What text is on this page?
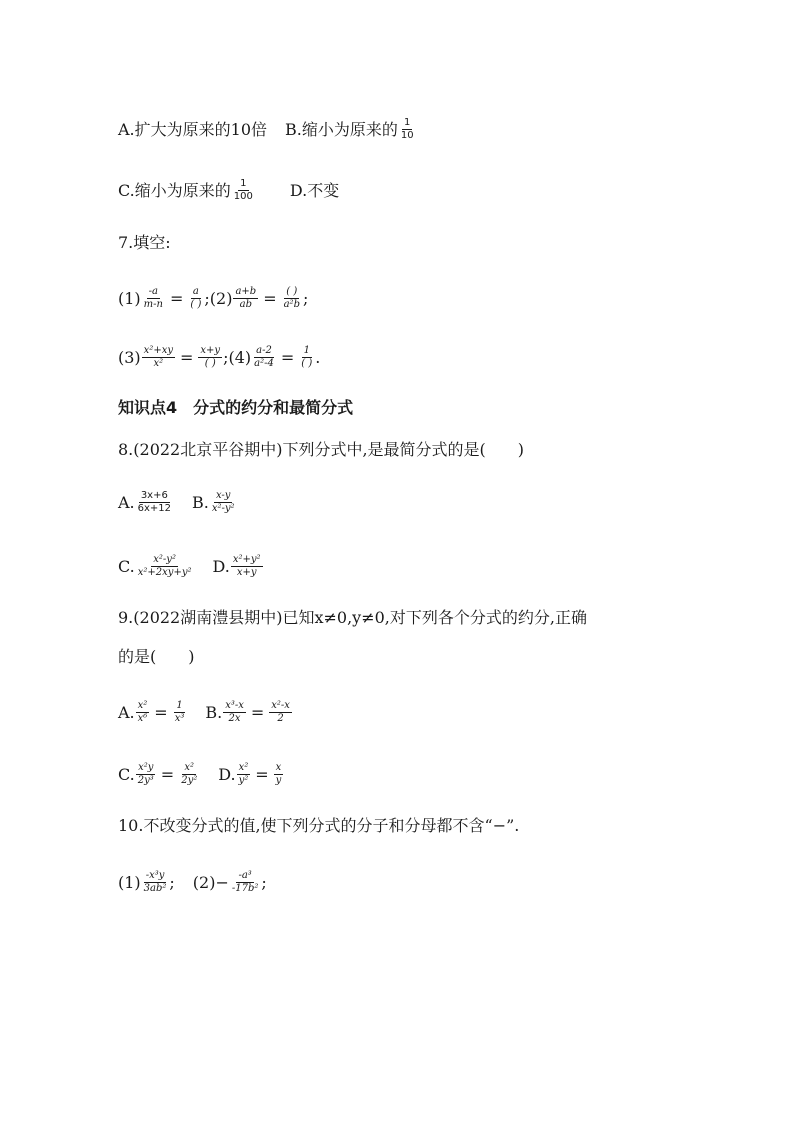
A.扩大为原来的10倍 B.缩小为原来的 $\frac{1}{10}$
C.缩小为原来的 $\frac{1}{100} D$.不变
7.填空:
$(1) \frac{-a}{m-n} = \frac{a}{( )}$ ; $(2) \frac{a+b}{ab} = \frac{( )}{\text{a²b}}$ ;
$(3) \frac{\text{x²+xy}}{\text{x²}} = \frac{x+y}{( )}$ ; $(4) \frac{a-2}{\text{a²-4}} = \frac{1}{( )}$ .
知识点4　分式的约分和最简分式
8.(2022北京平谷期中)下列分式中,是最简分式的是(　　)
A. $\frac{3x+6}{6x+12} B$. $\frac{x-y}{\text{x²-y²}}$
C. $\frac{\text{x²-y²}}{\text{x²+2xy+y²}} D$. $\frac{\text{x²+y²}}{x+y}$
9.(2022湖南澧县期中)已知x≠0,y≠0,对下列各个分式的约分,正确
的是(　　)
A. $\frac{\text{x²}}{\text{x⁶}} = \frac{1}{\text{x³}} B$. $\frac{\text{x³-x}}{2x} = \frac{\text{x²-x}}{2}$
C. $\frac{\text{x²y}}{\text{2y³}} = \frac{\text{x²}}{\text{2y²}} D$. $\frac{\text{x²}}{\text{y²}} = \frac{x}{y}$
10.不改变分式的值,使下列分式的分子和分母都不含“−”.
$(1) \frac{\text{-x³y}}{\text{3ab²}}$ ; $(2)- \frac{\text{-a³}}{\text{-17b²}}$ ;
